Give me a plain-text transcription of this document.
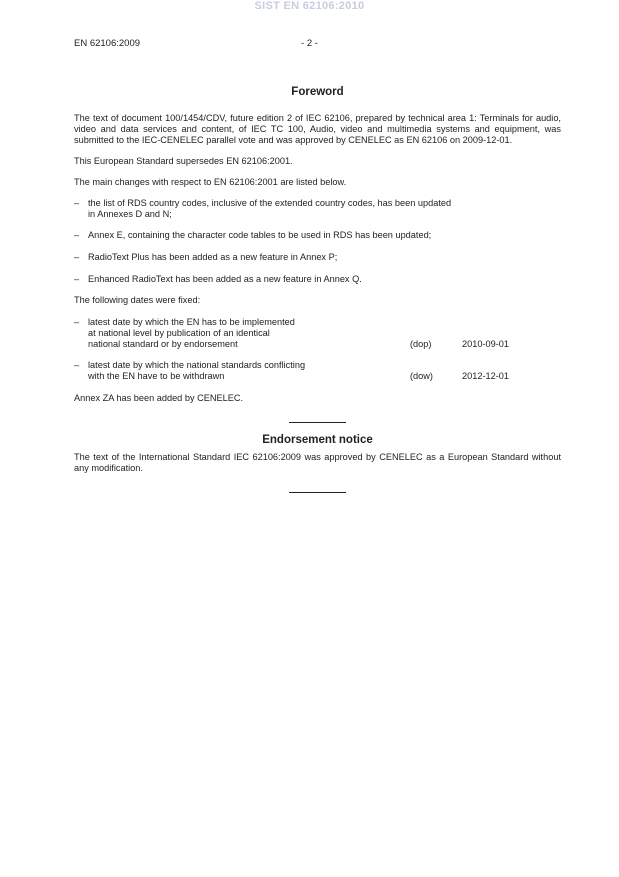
SIST EN 62106:2010
EN 62106:2009	- 2 -
Foreword

The text of document 100/1454/CDV, future edition 2 of IEC 62106, prepared by technical area 1: Terminals for audio, video and data services and content, of IEC TC 100, Audio, video and multimedia systems and equipment, was submitted to the IEC-CENELEC parallel vote and was approved by CENELEC as EN 62106 on 2009-12-01.

This European Standard supersedes EN 62106:2001.

The main changes with respect to EN 62106:2001 are listed below.

– the list of RDS country codes, inclusive of the extended country codes, has been updated
in Annexes D and N;
– Annex E, containing the character code tables to be used in RDS has been updated;
– RadioText Plus has been added as a new feature in Annex P;
– Enhanced RadioText has been added as a new feature in Annex Q.

The following dates were fixed:

– latest date by which the EN has to be implemented
at national level by publication of an identical
national standard or by endorsement	(dop)	2010-09-01
– latest date by which the national standards conflicting
with the EN have to be withdrawn	(dow)	2012-12-01

Annex ZA has been added by CENELEC.

Endorsement notice

The text of the International Standard IEC 62106:2009 was approved by CENELEC as a European Standard without any modification.
